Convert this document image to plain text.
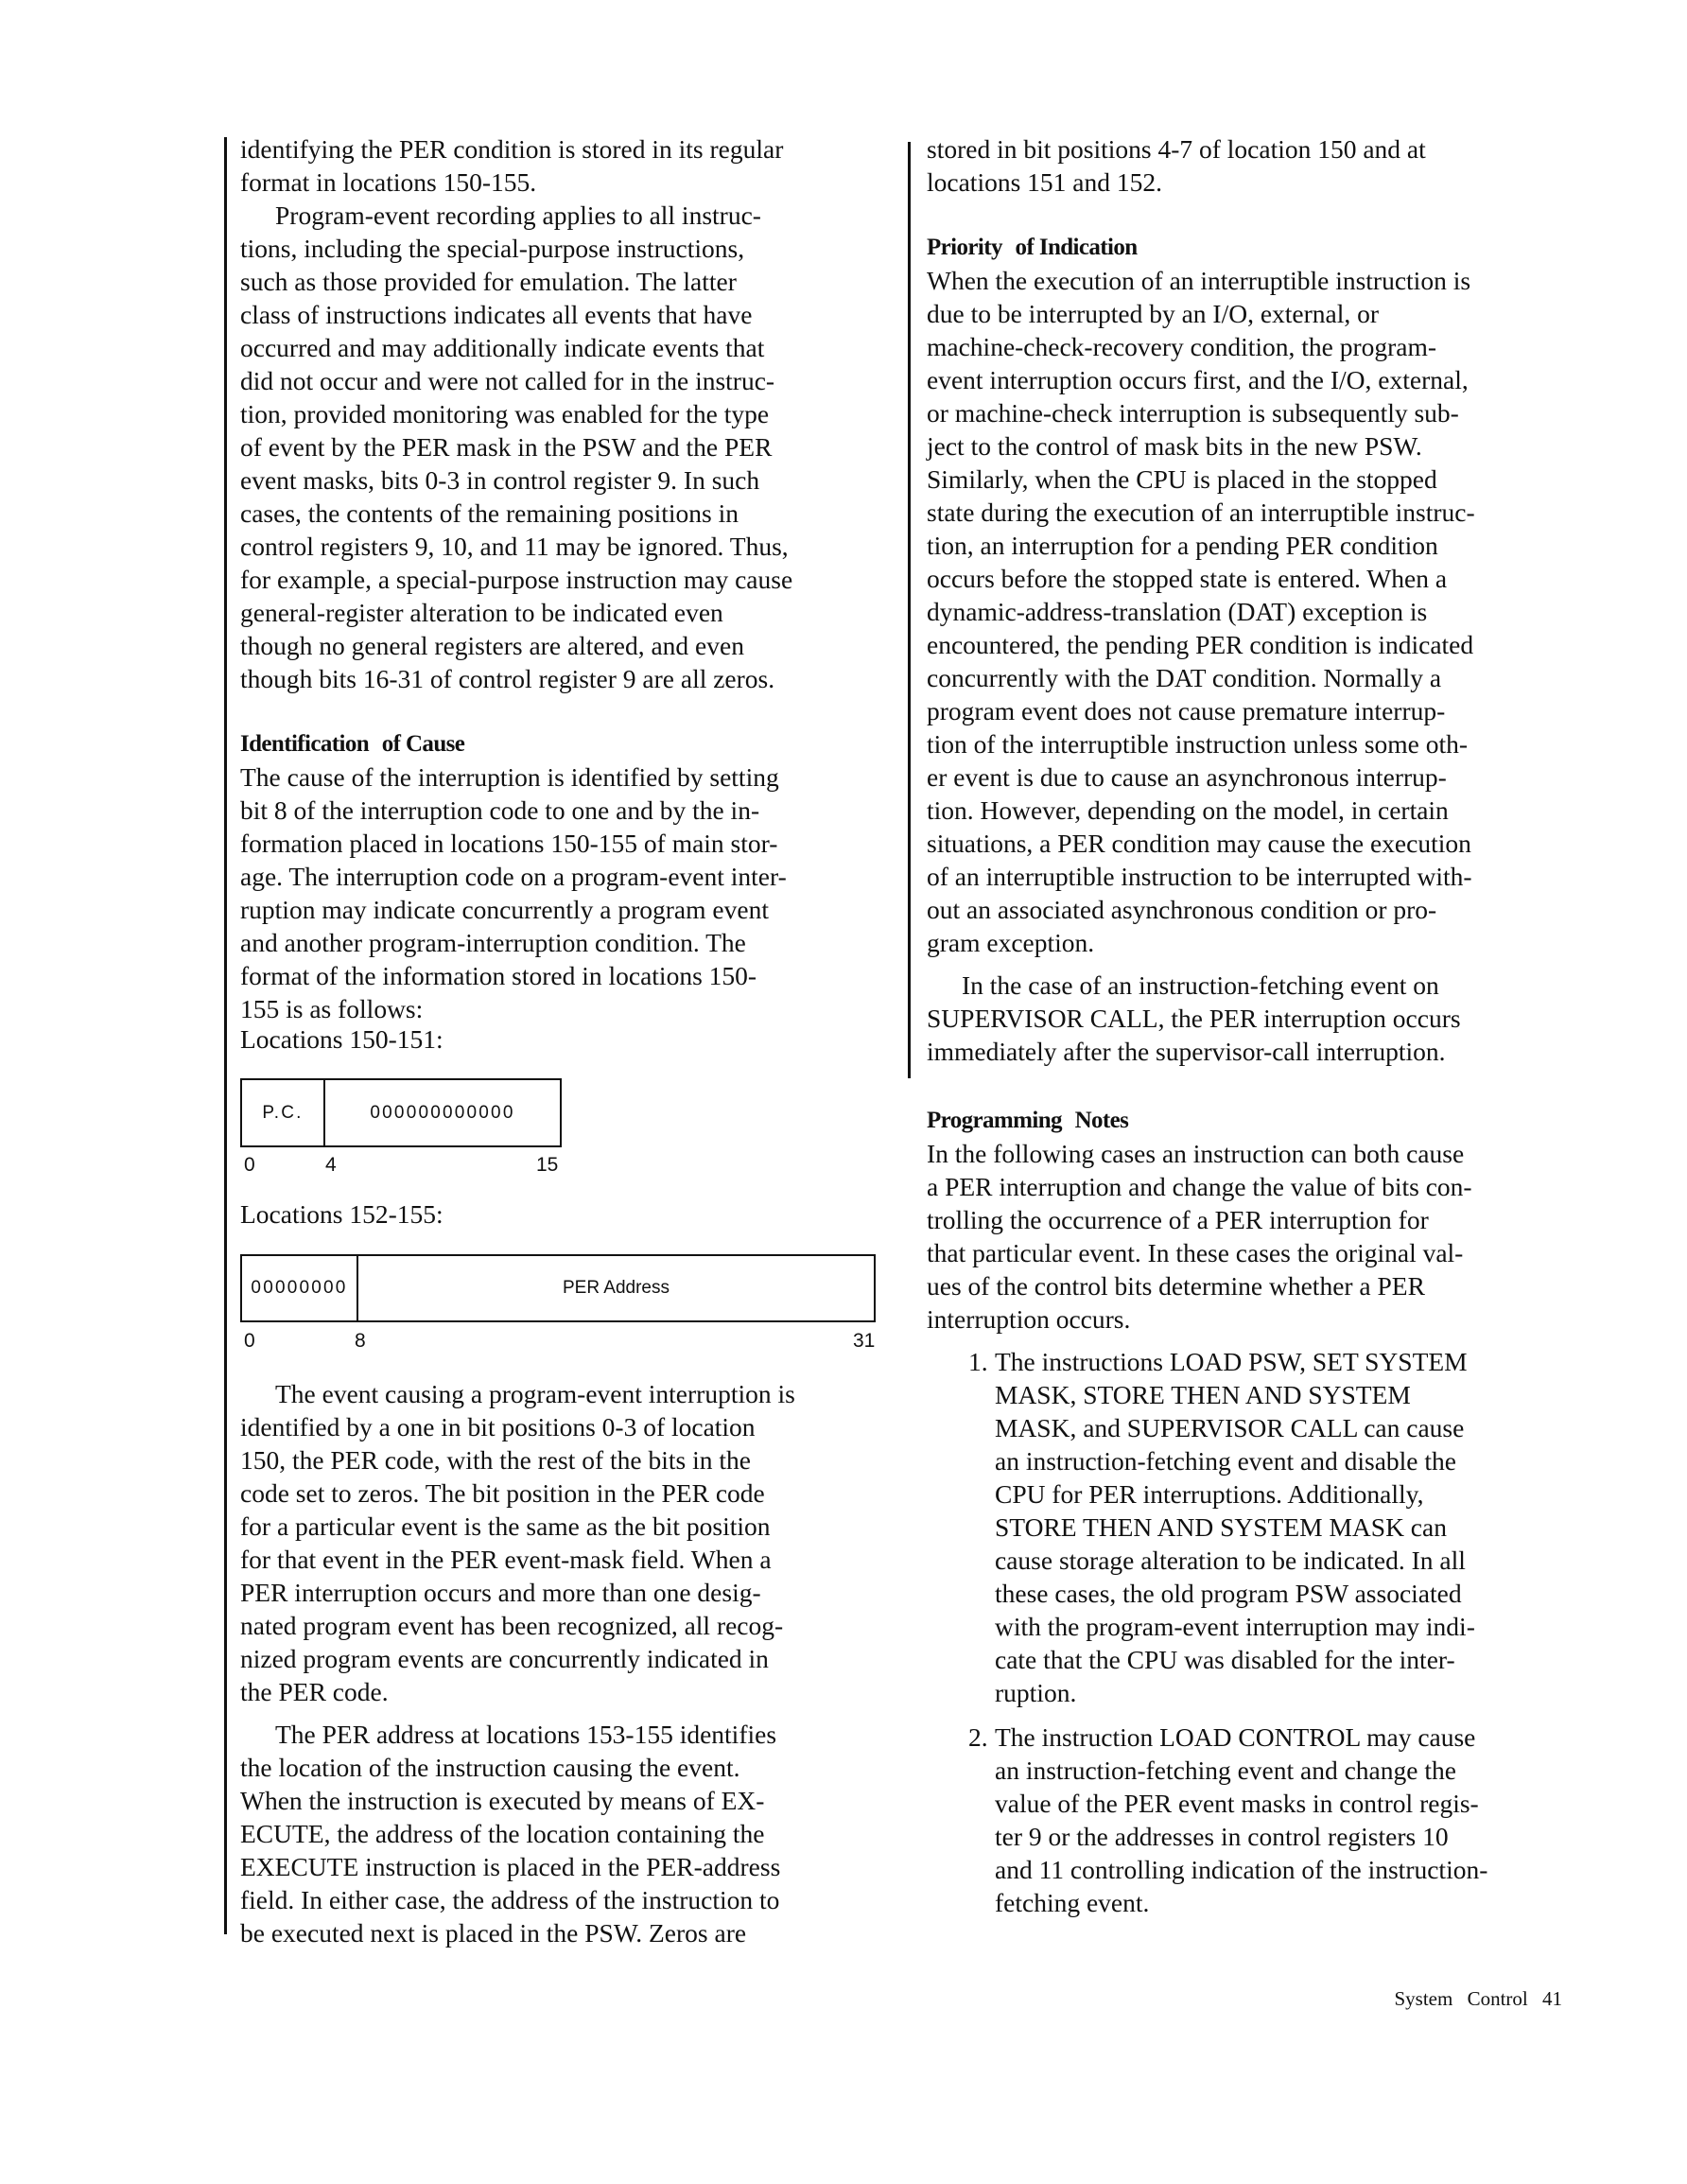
identifying the PER condition is stored in its regular
format in locations 150-155.

Program-event recording applies to all instruc-
tions, including the special-purpose instructions,
such as those provided for emulation. The latter
class of instructions indicates all events that have
occurred and may additionally indicate events that
did not occur and were not called for in the instruc-
tion, provided monitoring was enabled for the type
of event by the PER mask in the PSW and the PER
event masks, bits 0-3 in control register 9. In such
cases, the contents of the remaining positions in
control registers 9, 10, and 11 may be ignored. Thus,
for example, a special-purpose instruction may cause
general-register alteration to be indicated even
though no general registers are altered, and even
though bits 16-31 of control register 9 are all zeros.

Identification of Cause

The cause of the interruption is identified by setting
bit 8 of the interruption code to one and by the in-
formation placed in locations 150-155 of main stor-
age. The interruption code on a program-event inter-
ruption may indicate concurrently a program event
and another program-interruption condition. The
format of the information stored in locations 150-
155 is as follows:

Locations 150-151:
P.C.	000000000000
0	4	15
Locations 152-155:
00000000	PER Address
0	8	31

The event causing a program-event interruption is
identified by a one in bit positions 0-3 of location
150, the PER code, with the rest of the bits in the
code set to zeros. The bit position in the PER code
for a particular event is the same as the bit position
for that event in the PER event-mask field. When a
PER interruption occurs and more than one desig-
nated program event has been recognized, all recog-
nized program events are concurrently indicated in
the PER code.

The PER address at locations 153-155 identifies
the location of the instruction causing the event.
When the instruction is executed by means of EX-
ECUTE, the address of the location containing the
EXECUTE instruction is placed in the PER-address
field. In either case, the address of the instruction to
be executed next is placed in the PSW. Zeros are

stored in bit positions 4-7 of location 150 and at
locations 151 and 152.

Priority of Indication

When the execution of an interruptible instruction is
due to be interrupted by an I/O, external, or
machine-check-recovery condition, the program-
event interruption occurs first, and the I/O, external,
or machine-check interruption is subsequently sub-
ject to the control of mask bits in the new PSW.
Similarly, when the CPU is placed in the stopped
state during the execution of an interruptible instruc-
tion, an interruption for a pending PER condition
occurs before the stopped state is entered. When a
dynamic-address-translation (DAT) exception is
encountered, the pending PER condition is indicated
concurrently with the DAT condition. Normally a
program event does not cause premature interrup-
tion of the interruptible instruction unless some oth-
er event is due to cause an asynchronous interrup-
tion. However, depending on the model, in certain
situations, a PER condition may cause the execution
of an interruptible instruction to be interrupted with-
out an associated asynchronous condition or pro-
gram exception.

In the case of an instruction-fetching event on
SUPERVISOR CALL, the PER interruption occurs
immediately after the supervisor-call interruption.

Programming Notes

In the following cases an instruction can both cause
a PER interruption and change the value of bits con-
trolling the occurrence of a PER interruption for
that particular event. In these cases the original val-
ues of the control bits determine whether a PER
interruption occurs.

1. The instructions LOAD PSW, SET SYSTEM
MASK, STORE THEN AND SYSTEM
MASK, and SUPERVISOR CALL can cause
an instruction-fetching event and disable the
CPU for PER interruptions. Additionally,
STORE THEN AND SYSTEM MASK can
cause storage alteration to be indicated. In all
these cases, the old program PSW associated
with the program-event interruption may indi-
cate that the CPU was disabled for the inter-
ruption.
2. The instruction LOAD CONTROL may cause
an instruction-fetching event and change the
value of the PER event masks in control regis-
ter 9 or the addresses in control registers 10
and 11 controlling indication of the instruction-
fetching event.
System Control 41
